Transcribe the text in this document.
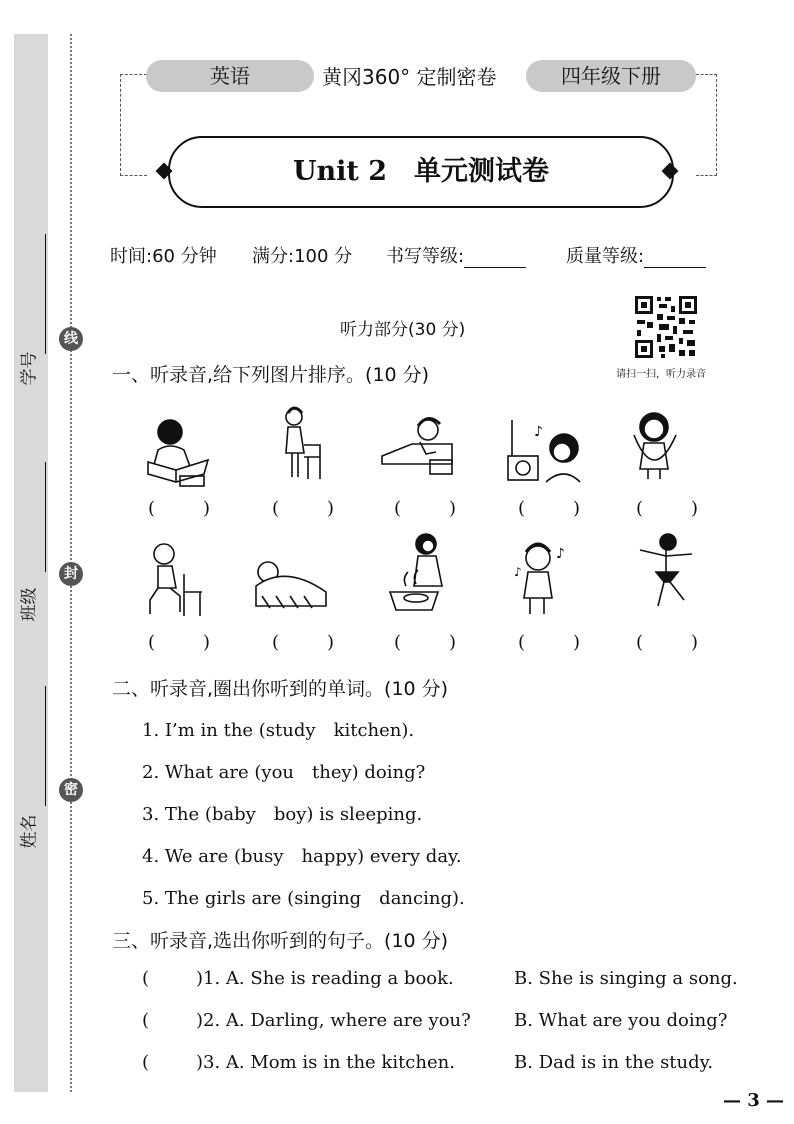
学号
班级
姓名
线
封
密
英语	黄冈360° 定制密卷	四年级下册
Unit 2　单元测试卷
时间:60 分钟 满分:100 分 书写等级:	质量等级:
听力部分(30 分)
请扫一扫，听力录音
一、听录音,给下列图片排序。(10 分)
♪
(	)	(	)	(	)	(	)	(	)
♪
♪
(	)	(	)	(	)	(	)	(	)
二、听录音,圈出你听到的单词。(10 分)
1. I’m in the (study　kitchen).
2. What are (you　they) doing?
3. The (baby　boy) is sleeping.
4. We are (busy　happy) every day.
5. The girls are (singing　dancing).
三、听录音,选出你听到的句子。(10 分)
(	)1. A. She is reading a book.	B. She is singing a song.
(	)2. A. Darling, where are you? B. What are you doing?
(	)3. A. Mom is in the kitchen.	B. Dad is in the study.
— 3 —
